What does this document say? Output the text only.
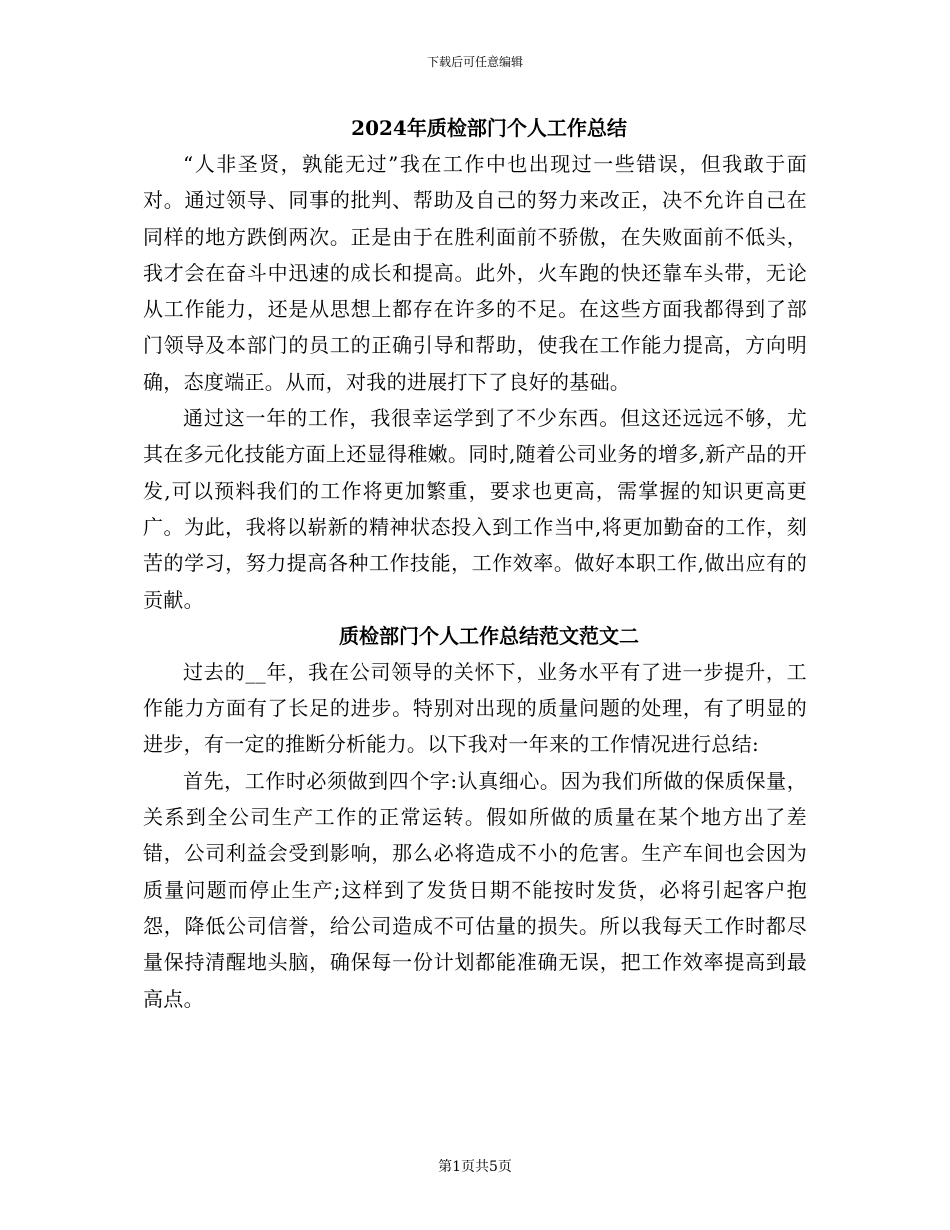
下载后可任意编辑
2024年质检部门个人工作总结

“人非圣贤，孰能无过”我在工作中也出现过一些错误，但我敢于面对。通过领导、同事的批判、帮助及自己的努力来改正，决不允许自己在同样的地方跌倒两次。正是由于在胜利面前不骄傲，在失败面前不低头，我才会在奋斗中迅速的成长和提高。此外，火车跑的快还靠车头带，无论从工作能力，还是从思想上都存在许多的不足。在这些方面我都得到了部门领导及本部门的员工的正确引导和帮助，使我在工作能力提高，方向明确，态度端正。从而，对我的进展打下了良好的基础。

通过这一年的工作，我很幸运学到了不少东西。但这还远远不够，尤其在多元化技能方面上还显得稚嫩。同时,随着公司业务的增多,新产品的开发,可以预料我们的工作将更加繁重，要求也更高，需掌握的知识更高更广。为此，我将以崭新的精神状态投入到工作当中,将更加勤奋的工作，刻苦的学习，努力提高各种工作技能，工作效率。做好本职工作,做出应有的贡献。

质检部门个人工作总结范文范文二

过去的__年，我在公司领导的关怀下，业务水平有了进一步提升，工作能力方面有了长足的进步。特别对出现的质量问题的处理，有了明显的进步，有一定的推断分析能力。以下我对一年来的工作情况进行总结:

首先，工作时必须做到四个字:认真细心。因为我们所做的保质保量，关系到全公司生产工作的正常运转。假如所做的质量在某个地方出了差错，公司利益会受到影响，那么必将造成不小的危害。生产车间也会因为质量问题而停止生产;这样到了发货日期不能按时发货，必将引起客户抱怨，降低公司信誉，给公司造成不可估量的损失。所以我每天工作时都尽量保持清醒地头脑，确保每一份计划都能准确无误，把工作效率提高到最高点。

第1页共5页
